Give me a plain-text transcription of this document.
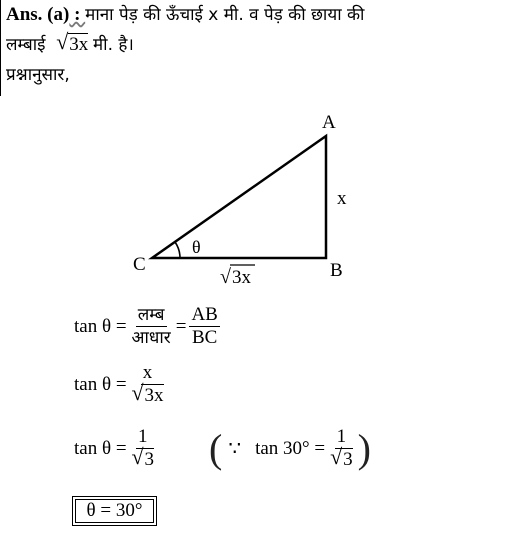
Ans. (a) : माना पेड़ की ऊँचाई x मी. व पेड़ की छाया की
लम्बाई √ 3x मी. है।
प्रश्नानुसार,
A
B
C
x
θ
√ 3x
$\tan \theta = \frac{\text{लम्ब}}{\text{आधार}} = \frac{AB}{BC}$
$\tan \theta = \frac{x}{√ 3x}$
$\tan \theta = \frac{1}{√ 3}$ ( ∵ $\tan 30^\circ = \frac{1}{√ 3}$ )
θ = 30°
